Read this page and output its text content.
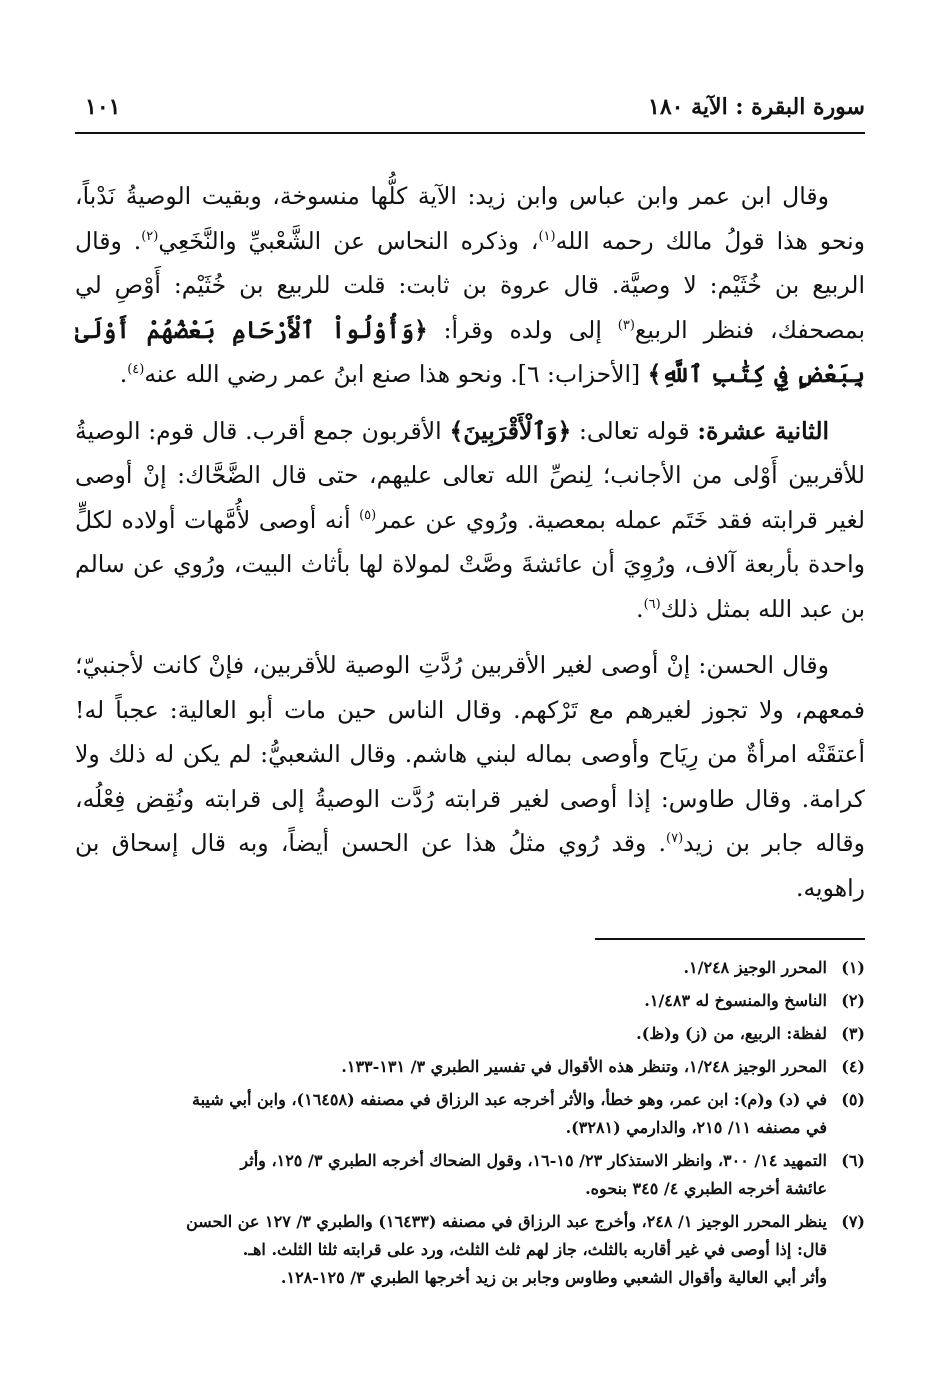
سورة البقرة : الآية ١٨٠
١٠١

وقال ابن عمر وابن عباس وابن زيد: الآية كلُّها منسوخة، وبقيت الوصيةُ نَدْباً، ونحو هذا قولُ مالك رحمه الله$^{(١)}$، وذكره النحاس عن الشَّعْبيِّ والنَّخَعِي$^{(٢)}$. وقال الربيع بن خُثَيْم: لا وصيَّة. قال عروة بن ثابت: قلت للربيع بن خُثَيْم: أَوْصِ لي بمصحفك، فنظر الربيع$^{(٣)}$ إلى ولده وقرأ: ﴿وَأُوْلُواْ ٱلْأَرْحَامِ بَعْضُهُمْ أَوْلَىٰ بِبَعْضٍ فِي كِتَٰبِ ٱللَّهِ﴾ [الأحزاب: ٦]. ونحو هذا صنع ابنُ عمر رضي الله عنه$^{(٤)}$.

الثانية عشرة: قوله تعالى: ﴿وَٱلْأَقْرَبِينَ﴾ الأقربون جمع أقرب. قال قوم: الوصيةُ للأقربين أَوْلى من الأجانب؛ لِنصِّ الله تعالى عليهم، حتى قال الضَّحَّاك: إنْ أوصى لغير قرابته فقد خَتَم عمله بمعصية. ورُوي عن عمر$^{(٥)}$ أنه أوصى لأُمَّهات أولاده لكلٍّ واحدة بأربعة آلاف، ورُوِيَ أن عائشةَ وصَّتْ لمولاة لها بأثاث البيت، ورُوي عن سالم بن عبد الله بمثل ذلك$^{(٦)}$.

وقال الحسن: إنْ أوصى لغير الأقربين رُدَّتِ الوصية للأقربين، فإنْ كانت لأجنبيّ؛ فمعهم، ولا تجوز لغيرهم مع تَرْكهم. وقال الناس حين مات أبو العالية: عجباً له! أعتقَتْه امرأةٌ من رِيَاح وأوصى بماله لبني هاشم. وقال الشعبيُّ: لم يكن له ذلك ولا كرامة. وقال طاوس: إذا أوصى لغير قرابته رُدَّت الوصيةُ إلى قرابته ونُقِض فِعْلُه، وقاله جابر بن زيد$^{(٧)}$. وقد رُوي مثلُ هذا عن الحسن أيضاً، وبه قال إسحاق بن راهويه.

(١)
المحرر الوجيز ١/٢٤٨.
(٢)
الناسخ والمنسوخ له ١/٤٨٣.
(٣)
لفظة: الربيع، من (ز) و(ظ).
(٤)
المحرر الوجيز ١/٢٤٨، وتنظر هذه الأقوال في تفسير الطبري ٣/ ١٣١-١٣٣.
(٥)
في (د) و(م): ابن عمر، وهو خطأ، والأثر أخرجه عبد الرزاق في مصنفه (١٦٤٥٨)، وابن أبي شيبة
في مصنفه ١١/ ٢١٥، والدارمي (٣٢٨١).
(٦)
التمهيد ١٤/ ٣٠٠، وانظر الاستذكار ٢٣/ ١٥-١٦، وقول الضحاك أخرجه الطبري ٣/ ١٢٥، وأثر
عائشة أخرجه الطبري ٤/ ٣٤٥ بنحوه.
(٧)
ينظر المحرر الوجيز ١/ ٢٤٨، وأخرج عبد الرزاق في مصنفه (١٦٤٣٣) والطبري ٣/ ١٢٧ عن الحسن
قال: إذا أوصى في غير أقاربه بالثلث، جاز لهم ثلث الثلث، ورد على قرابته ثلثا الثلث. اهـ.
وأثر أبي العالية وأقوال الشعبي وطاوس وجابر بن زيد أخرجها الطبري ٣/ ١٢٥-١٢٨.
